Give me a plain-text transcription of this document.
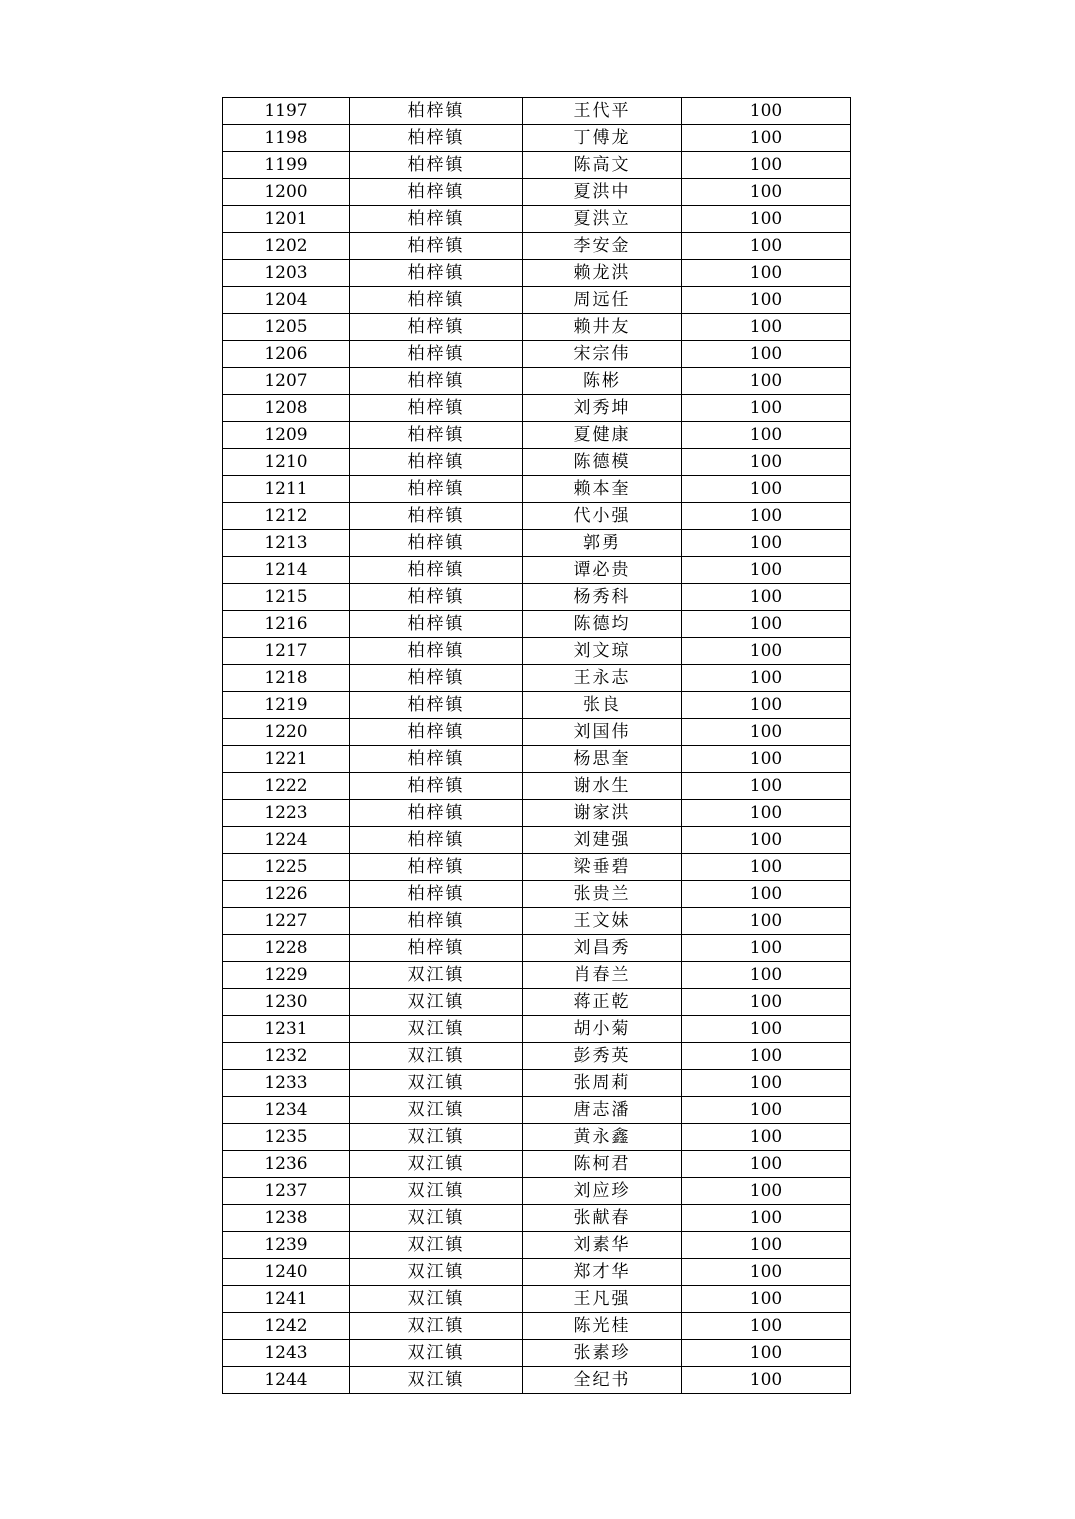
1197	柏梓镇	王代平	100
1198	柏梓镇	丁傅龙	100
1199	柏梓镇	陈高文	100
1200	柏梓镇	夏洪中	100
1201	柏梓镇	夏洪立	100
1202	柏梓镇	李安金	100
1203	柏梓镇	赖龙洪	100
1204	柏梓镇	周远任	100
1205	柏梓镇	赖井友	100
1206	柏梓镇	宋宗伟	100
1207	柏梓镇	陈彬	100
1208	柏梓镇	刘秀坤	100
1209	柏梓镇	夏健康	100
1210	柏梓镇	陈德模	100
1211	柏梓镇	赖本奎	100
1212	柏梓镇	代小强	100
1213	柏梓镇	郭勇	100
1214	柏梓镇	谭必贵	100
1215	柏梓镇	杨秀科	100
1216	柏梓镇	陈德均	100
1217	柏梓镇	刘文琼	100
1218	柏梓镇	王永志	100
1219	柏梓镇	张良	100
1220	柏梓镇	刘国伟	100
1221	柏梓镇	杨思奎	100
1222	柏梓镇	谢水生	100
1223	柏梓镇	谢家洪	100
1224	柏梓镇	刘建强	100
1225	柏梓镇	梁垂碧	100
1226	柏梓镇	张贵兰	100
1227	柏梓镇	王文妹	100
1228	柏梓镇	刘昌秀	100
1229	双江镇	肖春兰	100
1230	双江镇	蒋正乾	100
1231	双江镇	胡小菊	100
1232	双江镇	彭秀英	100
1233	双江镇	张周莉	100
1234	双江镇	唐志潘	100
1235	双江镇	黄永鑫	100
1236	双江镇	陈柯君	100
1237	双江镇	刘应珍	100
1238	双江镇	张献春	100
1239	双江镇	刘素华	100
1240	双江镇	郑才华	100
1241	双江镇	王凡强	100
1242	双江镇	陈光桂	100
1243	双江镇	张素珍	100
1244	双江镇	全纪书	100
